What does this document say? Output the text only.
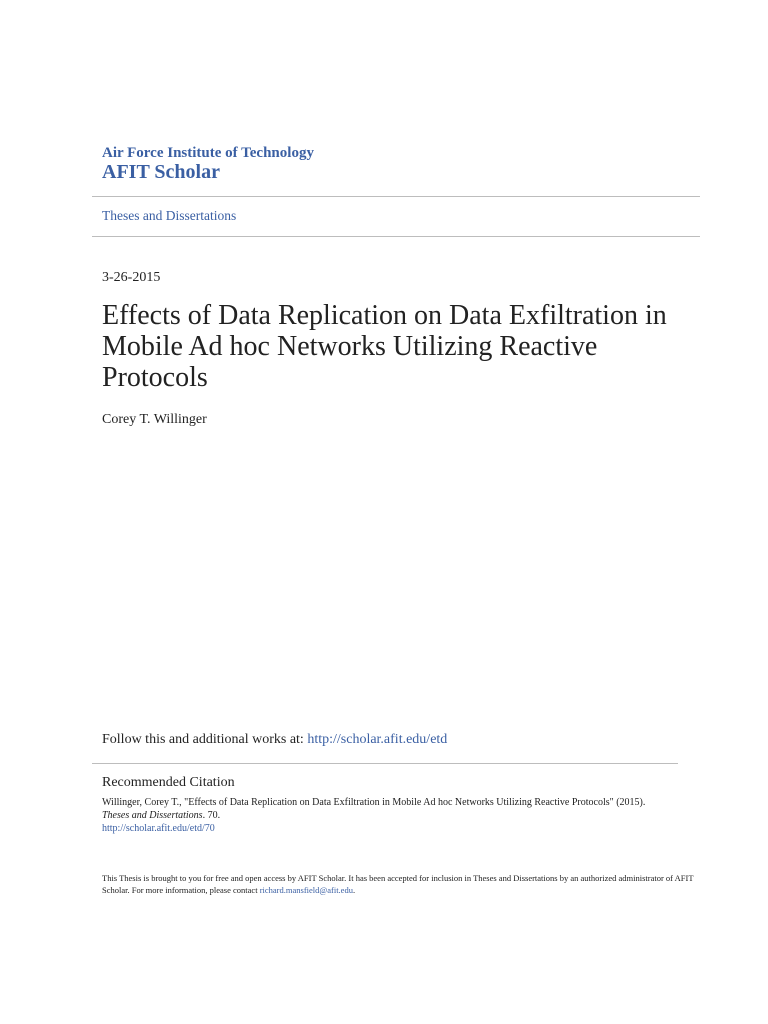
Air Force Institute of Technology
AFIT Scholar
Theses and Dissertations
3-26-2015
Effects of Data Replication on Data Exfiltration in Mobile Ad hoc Networks Utilizing Reactive Protocols
Corey T. Willinger
Follow this and additional works at: http://scholar.afit.edu/etd
Recommended Citation
Willinger, Corey T., "Effects of Data Replication on Data Exfiltration in Mobile Ad hoc Networks Utilizing Reactive Protocols" (2015).
Theses and Dissertations. 70.
http://scholar.afit.edu/etd/70
This Thesis is brought to you for free and open access by AFIT Scholar. It has been accepted for inclusion in Theses and Dissertations by an authorized administrator of AFIT Scholar. For more information, please contact richard.mansfield@afit.edu.
